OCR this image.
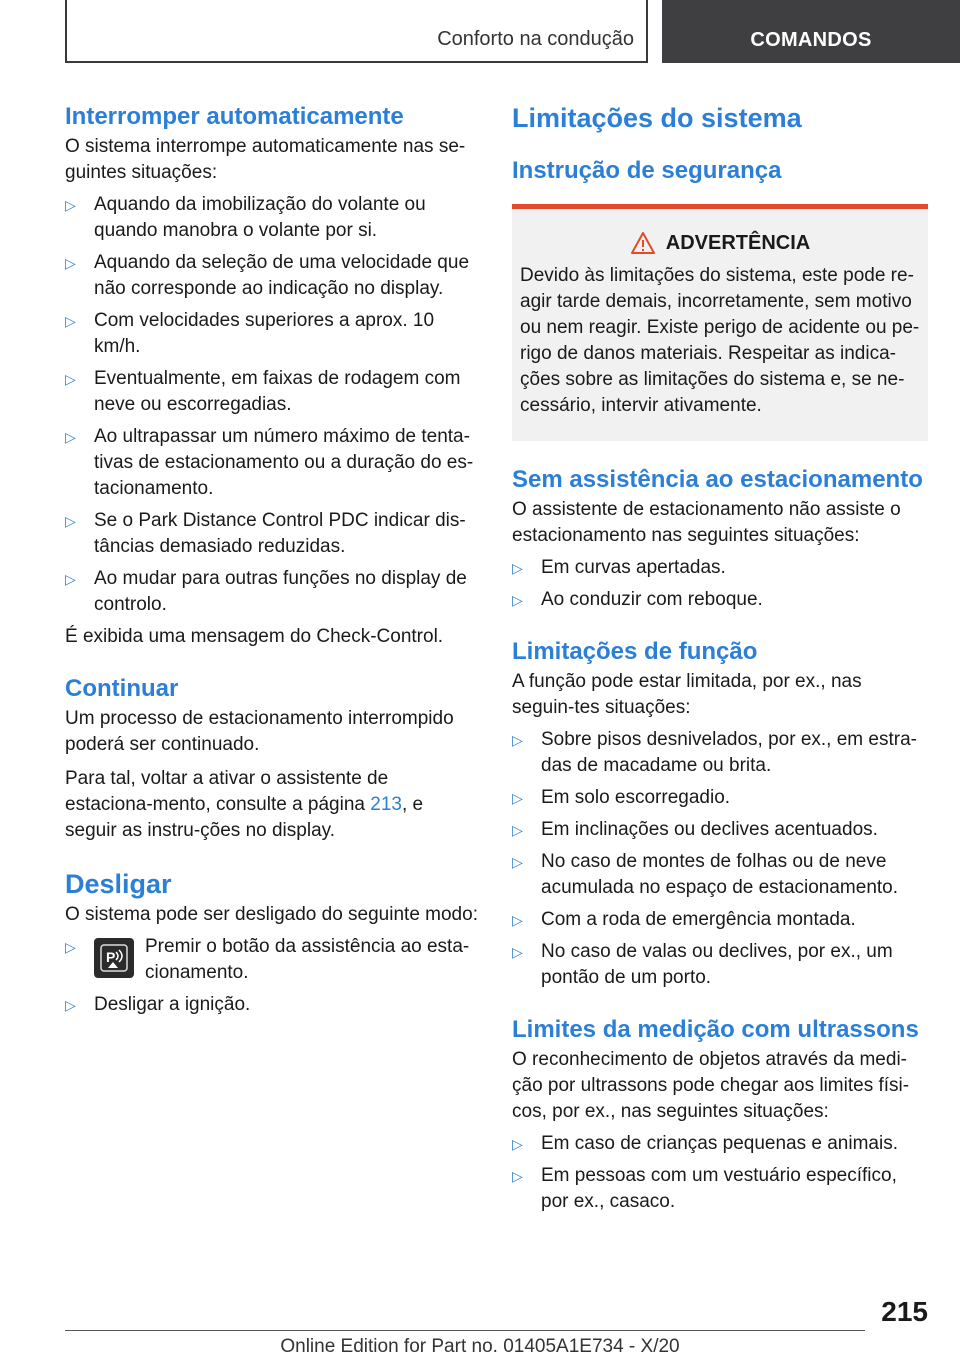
Conforto na condução	COMANDOS
Interromper automaticamente

O sistema interrompe automaticamente nas se-guintes situações:

▷ Aquando da imobilização do volante ou quando manobra o volante por si.
▷ Aquando da seleção de uma velocidade que não corresponde ao indicação no display.
▷ Com velocidades superiores a aprox. 10 km/h.
▷ Eventualmente, em faixas de rodagem com neve ou escorregadias.
▷ Ao ultrapassar um número máximo de tenta-tivas de estacionamento ou a duração do es-tacionamento.
▷ Se o Park Distance Control PDC indicar dis-tâncias demasiado reduzidas.
▷ Ao mudar para outras funções no display de controlo.

É exibida uma mensagem do Check-Control.

Continuar

Um processo de estacionamento interrompido poderá ser continuado.

Para tal, voltar a ativar o assistente de estaciona-mento, consulte a página 213, e seguir as instru-ções no display.

Desligar

O sistema pode ser desligado do seguinte modo:

▷
P Premir o botão da assistência ao esta-cionamento.
▷ Desligar a ignição.
Limitações do sistema
Instrução de segurança
ADVERTÊNCIA
Devido às limitações do sistema, este pode re-agir tarde demais, incorretamente, sem motivo ou nem reagir. Existe perigo de acidente ou pe-rigo de danos materiais. Respeitar as indica-ções sobre as limitações do sistema e, se ne-cessário, intervir ativamente.
Sem assistência ao estacionamento

O assistente de estacionamento não assiste o estacionamento nas seguintes situações:

▷ Em curvas apertadas.
▷ Ao conduzir com reboque.
Limitações de função

A função pode estar limitada, por ex., nas seguin-tes situações:

▷ Sobre pisos desnivelados, por ex., em estra-das de macadame ou brita.
▷ Em solo escorregadio.
▷ Em inclinações ou declives acentuados.
▷ No caso de montes de folhas ou de neve acumulada no espaço de estacionamento.
▷ Com a roda de emergência montada.
▷ No caso de valas ou declives, por ex., um pontão de um porto.
Limites da medição com ultrassons

O reconhecimento de objetos através da medi-ção por ultrassons pode chegar aos limites físi-cos, por ex., nas seguintes situações:

▷ Em caso de crianças pequenas e animais.
▷ Em pessoas com um vestuário específico, por ex., casaco.
215
Online Edition for Part no. 01405A1E734 - X/20
